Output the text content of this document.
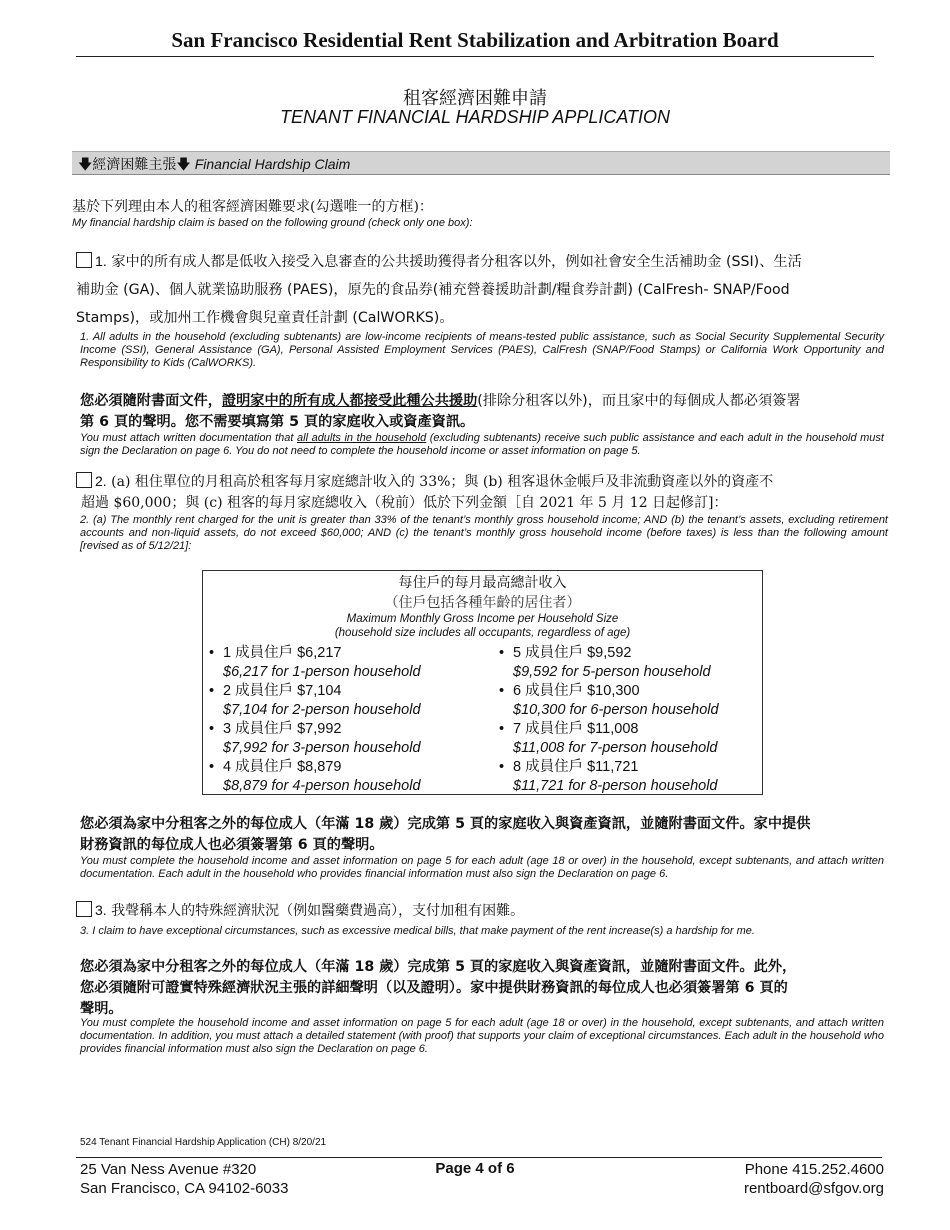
San Francisco Residential Rent Stabilization and Arbitration Board
租客經濟困難申請
TENANT FINANCIAL HARDSHIP APPLICATION
🡇經濟困難主張🡇 Financial Hardship Claim
基於下列理由本人的租客經濟困難要求(勾選唯一的方框)：
My financial hardship claim is based on the following ground (check only one box):
1. 家中的所有成人都是低收入接受入息審查的公共援助獲得者分租客以外，例如社會安全生活補助金 (SSI)、生活
補助金 (GA)、個人就業協助服務 (PAES)，原先的食品券(補充營養援助計劃/糧食券計劃) (CalFresh- SNAP/Food
Stamps)，或加州工作機會與兒童責任計劃 (CalWORKS)。
1. All adults in the household (excluding subtenants) are low-income recipients of means-tested public assistance, such as Social Security Supplemental Security Income (SSI), General Assistance (GA), Personal Assisted Employment Services (PAES), CalFresh (SNAP/Food Stamps) or California Work Opportunity and Responsibility to Kids (CalWORKS).
您必須隨附書面文件，證明家中的所有成人都接受此種公共援助(排除分租客以外)，而且家中的每個成人都必須簽署
第 6 頁的聲明。您不需要填寫第 5 頁的家庭收入或資產資訊。
You must attach written documentation that all adults in the household (excluding subtenants) receive such public assistance and each adult in the household must sign the Declaration on page 6. You do not need to complete the household income or asset information on page 5.
2. (a) 租住單位的月租高於租客每月家庭總計收入的 33%；與 (b) 租客退休金帳戶及非流動資產以外的資產不
超過 $60,000；與 (c) 租客的每月家庭總收入（稅前）低於下列金額［自 2021 年 5 月 12 日起修訂]：
2. (a) The monthly rent charged for the unit is greater than 33% of the tenant’s monthly gross household income; AND (b) the tenant’s assets, excluding retirement accounts and non-liquid assets, do not exceed $60,000; AND (c) the tenant’s monthly gross household income (before taxes) is less than the following amount [revised as of 5/12/21]:
每住戶的每月最高總計收入
（住戶包括各種年齡的居住者）
Maximum Monthly Gross Income per Household Size
(household size includes all occupants, regardless of age)
• 1 成員住戶 $6,217
$6,217 for 1-person household
• 2 成員住戶 $7,104
$7,104 for 2-person household
• 3 成員住戶 $7,992
$7,992 for 3-person household
• 4 成員住戶 $8,879
$8,879 for 4-person household
• 5 成員住戶 $9,592
$9,592 for 5-person household
• 6 成員住戶 $10,300
$10,300 for 6-person household
• 7 成員住戶 $11,008
$11,008 for 7-person household
• 8 成員住戶 $11,721
$11,721 for 8-person household
您必須為家中分租客之外的每位成人（年滿 18 歲）完成第 5 頁的家庭收入與資產資訊，並隨附書面文件。家中提供
財務資訊的每位成人也必須簽署第 6 頁的聲明。
You must complete the household income and asset information on page 5 for each adult (age 18 or over) in the household, except subtenants, and attach written documentation. Each adult in the household who provides financial information must also sign the Declaration on page 6.
3. 我聲稱本人的特殊經濟狀況（例如醫藥費過高），支付加租有困難。
3. I claim to have exceptional circumstances, such as excessive medical bills, that make payment of the rent increase(s) a hardship for me.
您必須為家中分租客之外的每位成人（年滿 18 歲）完成第 5 頁的家庭收入與資產資訊，並隨附書面文件。此外，
您必須隨附可證實特殊經濟狀況主張的詳細聲明（以及證明）。家中提供財務資訊的每位成人也必須簽署第 6 頁的
聲明。
You must complete the household income and asset information on page 5 for each adult (age 18 or over) in the household, except subtenants, and attach written documentation. In addition, you must attach a detailed statement (with proof) that supports your claim of exceptional circumstances. Each adult in the household who provides financial information must also sign the Declaration on page 6.
524 Tenant Financial Hardship Application (CH) 8/20/21
25 Van Ness Avenue #320
San Francisco, CA 94102-6033
Page 4 of 6	Phone 415.252.4600
rentboard@sfgov.org
